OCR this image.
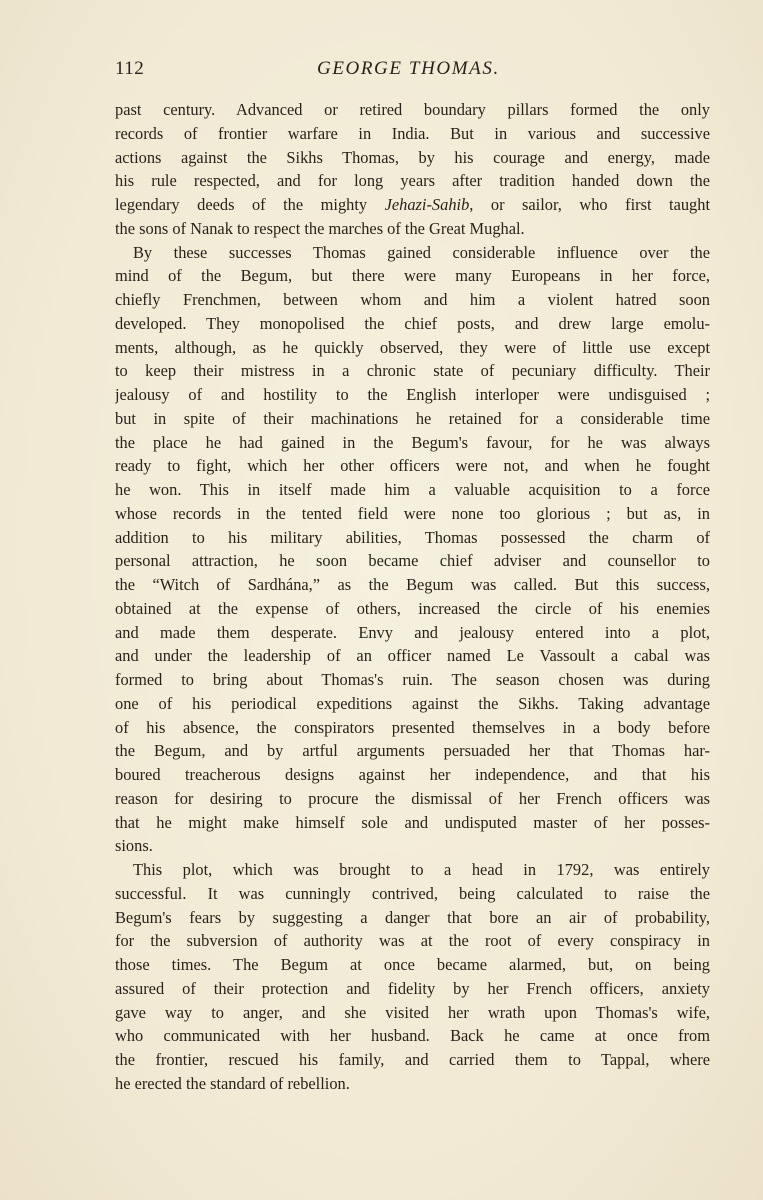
112	GEORGE THOMAS.
past century. Advanced or retired boundary pillars formed the only
records of frontier warfare in India. But in various and successive
actions against the Sikhs Thomas, by his courage and energy, made
his rule respected, and for long years after tradition handed down the
legendary deeds of the mighty Jehazi-Sahib, or sailor, who first taught
the sons of Nanak to respect the marches of the Great Mughal.
By these successes Thomas gained considerable influence over the
mind of the Begum, but there were many Europeans in her force,
chiefly Frenchmen, between whom and him a violent hatred soon
developed. They monopolised the chief posts, and drew large emolu-
ments, although, as he quickly observed, they were of little use except
to keep their mistress in a chronic state of pecuniary difficulty. Their
jealousy of and hostility to the English interloper were undisguised ;
but in spite of their machinations he retained for a considerable time
the place he had gained in the Begum's favour, for he was always
ready to fight, which her other officers were not, and when he fought
he won. This in itself made him a valuable acquisition to a force
whose records in the tented field were none too glorious ; but as, in
addition to his military abilities, Thomas possessed the charm of
personal attraction, he soon became chief adviser and counsellor to
the “Witch of Sardhána,” as the Begum was called. But this success,
obtained at the expense of others, increased the circle of his enemies
and made them desperate. Envy and jealousy entered into a plot,
and under the leadership of an officer named Le Vassoult a cabal was
formed to bring about Thomas's ruin. The season chosen was during
one of his periodical expeditions against the Sikhs. Taking advantage
of his absence, the conspirators presented themselves in a body before
the Begum, and by artful arguments persuaded her that Thomas har-
boured treacherous designs against her independence, and that his
reason for desiring to procure the dismissal of her French officers was
that he might make himself sole and undisputed master of her posses-
sions.
This plot, which was brought to a head in 1792, was entirely
successful. It was cunningly contrived, being calculated to raise the
Begum's fears by suggesting a danger that bore an air of probability,
for the subversion of authority was at the root of every conspiracy in
those times. The Begum at once became alarmed, but, on being
assured of their protection and fidelity by her French officers, anxiety
gave way to anger, and she visited her wrath upon Thomas's wife,
who communicated with her husband. Back he came at once from
the frontier, rescued his family, and carried them to Tappal, where
he erected the standard of rebellion.
